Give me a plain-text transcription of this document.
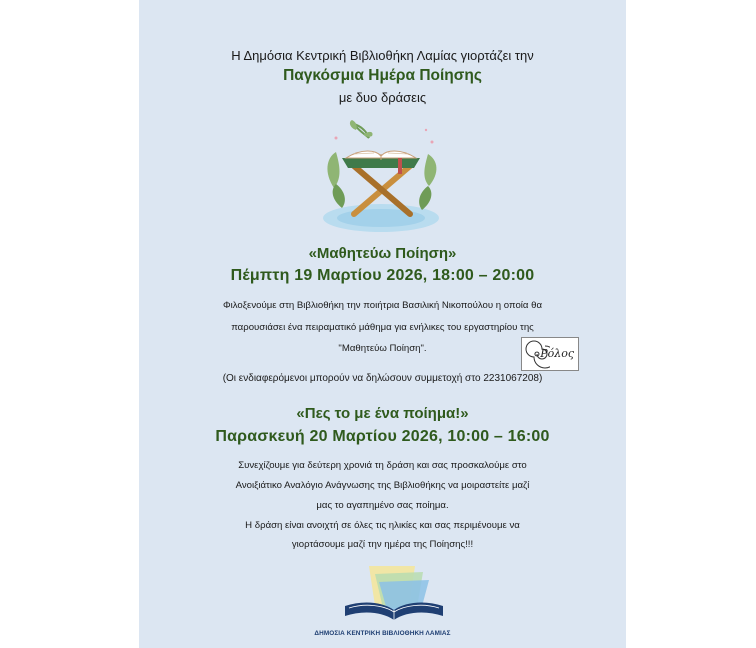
Η Δημόσια Κεντρική Βιβλιοθήκη Λαμίας γιορτάζει την
Παγκόσμια Ημέρα Ποίησης
με δυο δράσεις
«Μαθητεύω Ποίηση»
Πέμπτη 19 Μαρτίου 2026, 18:00 – 20:00
Φιλοξενούμε στη Βιβλιοθήκη την ποιήτρια Βασιλική Νικοπούλου η οποία θα
παρουσιάσει ένα πειραματικό μάθημα για ενήλικες του εργαστηρίου της
"Μαθητεύω Ποίηση".	Ρόλος
(Οι ενδιαφερόμενοι μπορούν να δηλώσουν συμμετοχή στο 2231067208)
«Πες το με ένα ποίημα!»
Παρασκευή 20 Μαρτίου 2026, 10:00 – 16:00
Συνεχίζουμε για δεύτερη χρονιά τη δράση και σας προσκαλούμε στο
Ανοιξιάτικο Αναλόγιο Ανάγνωσης της Βιβλιοθήκης να μοιραστείτε μαζί
μας το αγαπημένο σας ποίημα.
Η δράση είναι ανοιχτή σε όλες τις ηλικίες και σας περιμένουμε να
γιορτάσουμε μαζί την ημέρα της Ποίησης!!!
ΔΗΜΟΣΙΑ ΚΕΝΤΡΙΚΗ ΒΙΒΛΙΟΘΗΚΗ ΛΑΜΙΑΣ
